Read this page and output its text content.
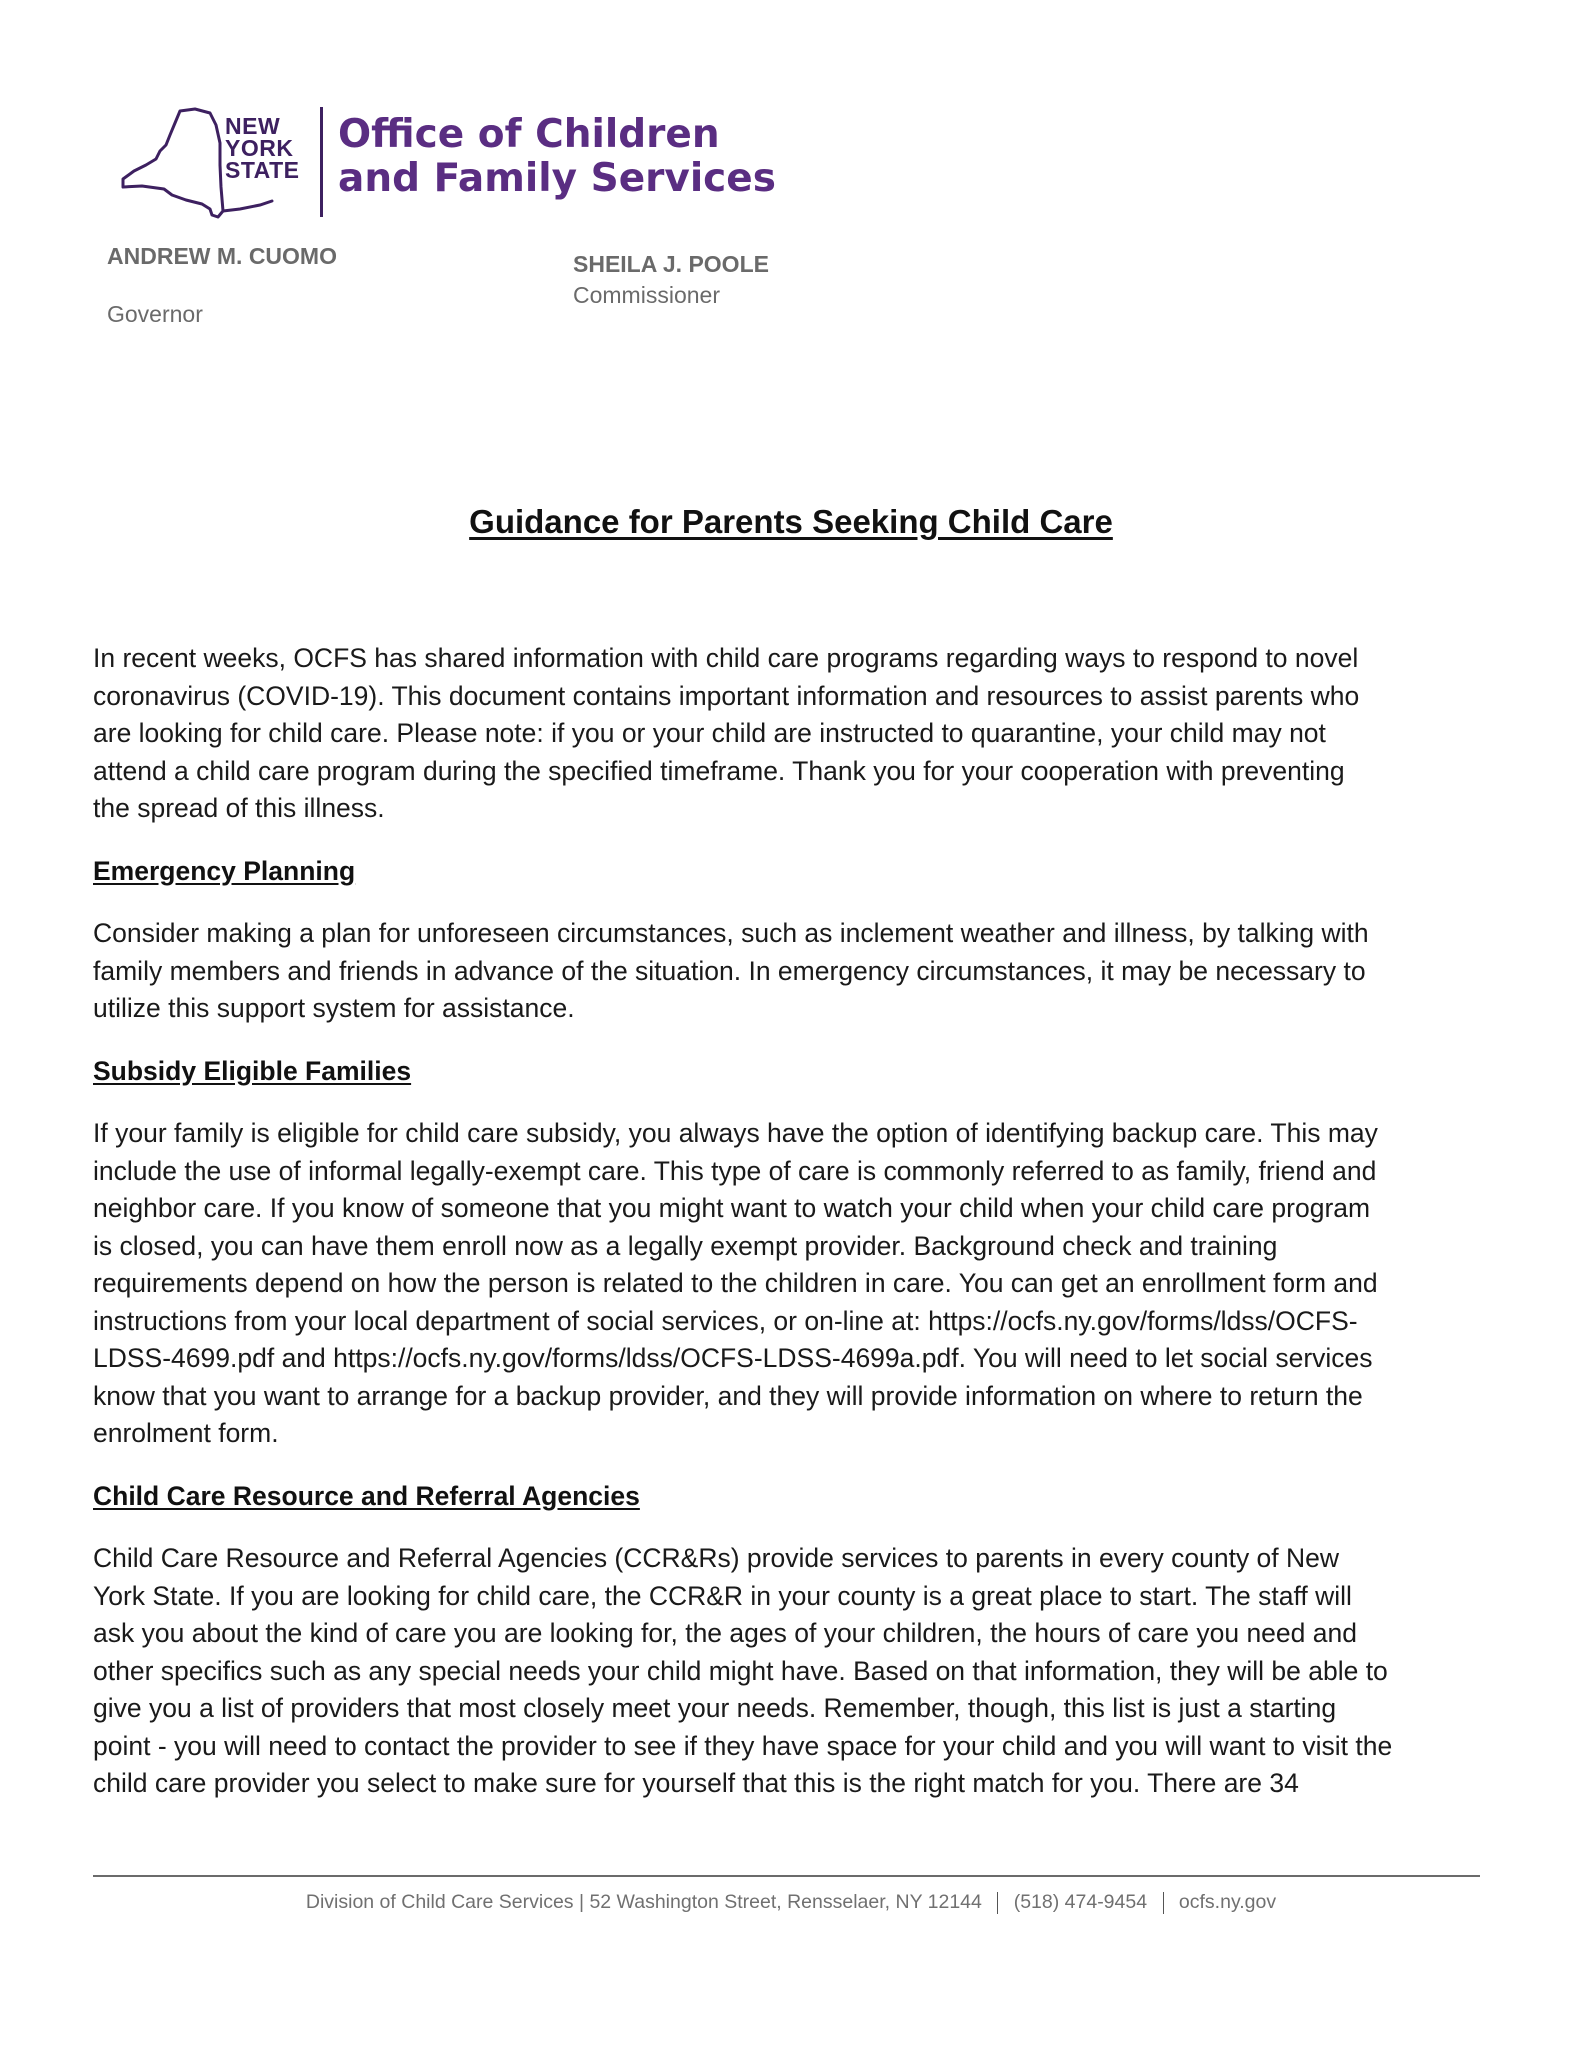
NEW
YORK
STATE
Office of Children
and Family Services
ANDREW M. CUOMO
Governor
SHEILA J. POOLE
Commissioner
Guidance for Parents Seeking Child Care

In recent weeks, OCFS has shared information with child care programs regarding ways to respond to novel

coronavirus (COVID-19). This document contains important information and resources to assist parents who

are looking for child care. Please note: if you or your child are instructed to quarantine, your child may not

attend a child care program during the specified timeframe. Thank you for your cooperation with preventing

the spread of this illness.

Emergency Planning

Consider making a plan for unforeseen circumstances, such as inclement weather and illness, by talking with

family members and friends in advance of the situation. In emergency circumstances, it may be necessary to

utilize this support system for assistance.

Subsidy Eligible Families

If your family is eligible for child care subsidy, you always have the option of identifying backup care. This may

include the use of informal legally-exempt care. This type of care is commonly referred to as family, friend and

neighbor care. If you know of someone that you might want to watch your child when your child care program

is closed, you can have them enroll now as a legally exempt provider. Background check and training

requirements depend on how the person is related to the children in care. You can get an enrollment form and

instructions from your local department of social services, or on-line at: https://ocfs.ny.gov/forms/ldss/OCFS-

LDSS-4699.pdf and https://ocfs.ny.gov/forms/ldss/OCFS-LDSS-4699a.pdf. You will need to let social services

know that you want to arrange for a backup provider, and they will provide information on where to return the

enrolment form.

Child Care Resource and Referral Agencies

Child Care Resource and Referral Agencies (CCR&Rs) provide services to parents in every county of New

York State. If you are looking for child care, the CCR&R in your county is a great place to start. The staff will

ask you about the kind of care you are looking for, the ages of your children, the hours of care you need and

other specifics such as any special needs your child might have. Based on that information, they will be able to

give you a list of providers that most closely meet your needs. Remember, though, this list is just a starting

point - you will need to contact the provider to see if they have space for your child and you will want to visit the

child care provider you select to make sure for yourself that this is the right match for you. There are 34

Division of Child Care Services | 52 Washington Street, Rensselaer, NY 12144 (518) 474-9454 ocfs.ny.gov
